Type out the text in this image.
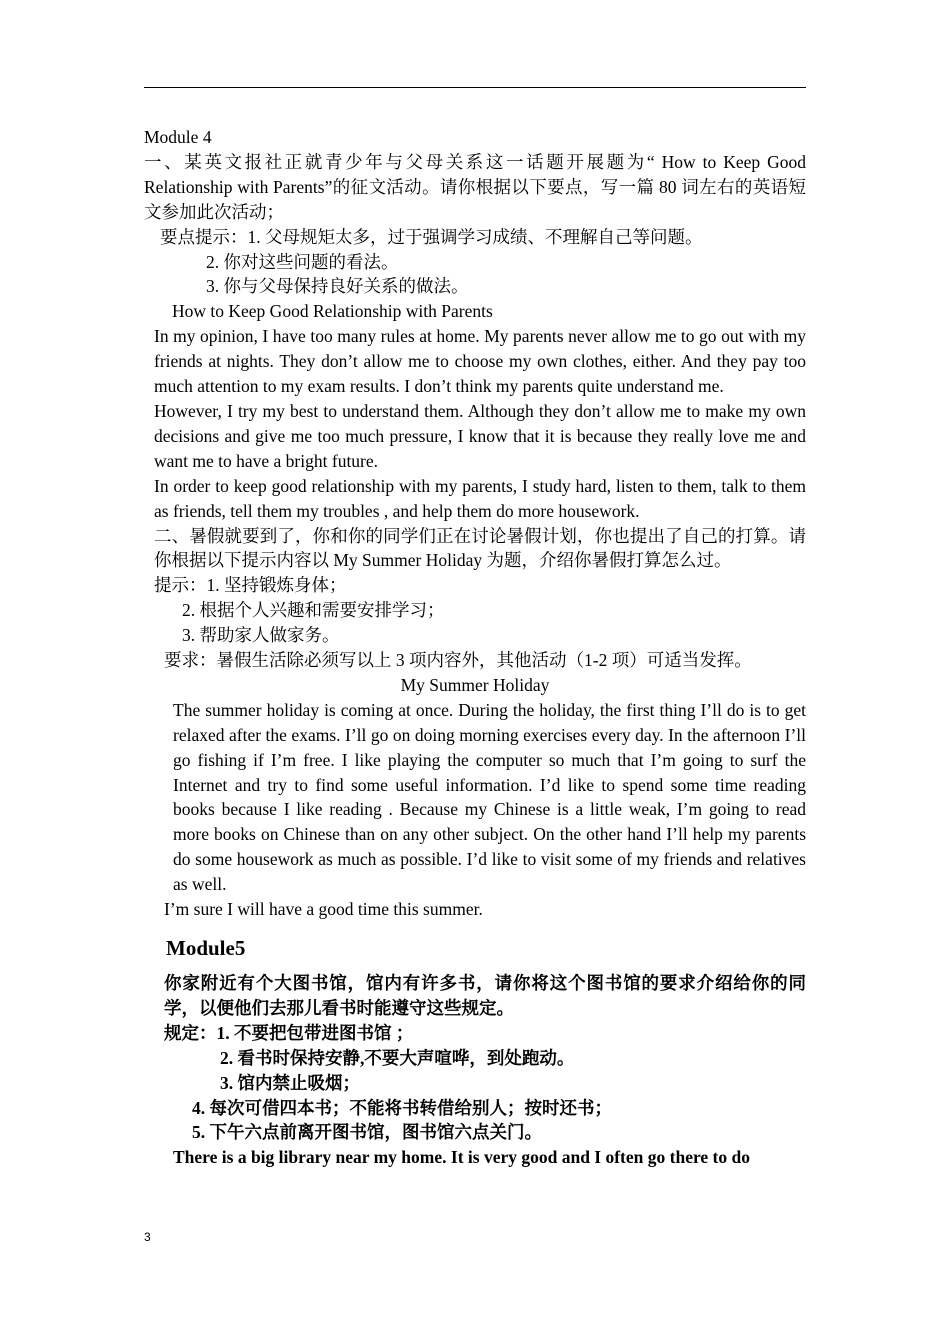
Module 4

一、某英文报社正就青少年与父母关系这一话题开展题为“ How to Keep Good Relationship with Parents”的征文活动。请你根据以下要点，写一篇 80 词左右的英语短文参加此次活动；

要点提示：1. 父母规矩太多，过于强调学习成绩、不理解自己等问题。

2. 你对这些问题的看法。

3. 你与父母保持良好关系的做法。

How to Keep Good Relationship with Parents

In my opinion, I have too many rules at home. My parents never allow me to go out with my friends at nights. They don’t allow me to choose my own clothes, either. And they pay too much attention to my exam results. I don’t think my parents quite understand me.

However, I try my best to understand them. Although they don’t allow me to make my own decisions and give me too much pressure, I know that it is because they really love me and want me to have a bright future.

In order to keep good relationship with my parents, I study hard, listen to them, talk to them as friends, tell them my troubles , and help them do more housework.

二、暑假就要到了，你和你的同学们正在讨论暑假计划，你也提出了自己的打算。请你根据以下提示内容以 My Summer Holiday 为题，介绍你暑假打算怎么过。

提示：1. 坚持锻炼身体；

2. 根据个人兴趣和需要安排学习；

3. 帮助家人做家务。

要求：暑假生活除必须写以上 3 项内容外，其他活动（1-2 项）可适当发挥。

My Summer Holiday

The summer holiday is coming at once. During the holiday, the first thing I’ll do is to get relaxed after the exams. I’ll go on doing morning exercises every day. In the afternoon I’ll go fishing if I’m free. I like playing the computer so much that I’m going to surf the Internet and try to find some useful information. I’d like to spend some time reading books because I like reading . Because my Chinese is a little weak, I’m going to read more books on Chinese than on any other subject. On the other hand I’ll help my parents do some housework as much as possible. I’d like to visit some of my friends and relatives as well.

I’m sure I will have a good time this summer.

Module5

你家附近有个大图书馆，馆内有许多书，请你将这个图书馆的要求介绍给你的同学，以便他们去那儿看书时能遵守这些规定。

规定：1. 不要把包带进图书馆 ；

2. 看书时保持安静,不要大声喧哗，到处跑动。

3. 馆内禁止吸烟；

4. 每次可借四本书；不能将书转借给别人；按时还书；

5. 下午六点前离开图书馆，图书馆六点关门。

There is a big library near my home. It is very good and I often go there to do

3
